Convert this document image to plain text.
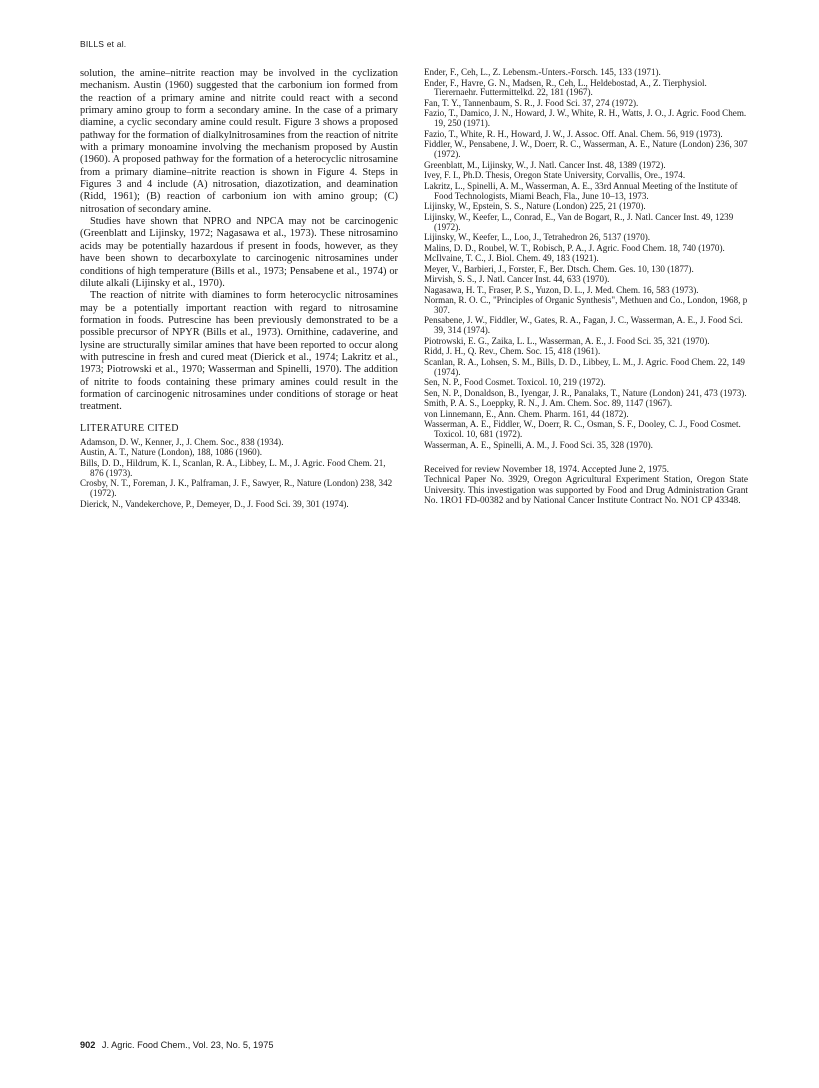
BILLS et al.

solution, the amine–nitrite reaction may be involved in the cyclization mechanism. Austin (1960) suggested that the carbonium ion formed from the reaction of a primary amine and nitrite could react with a second primary amino group to form a secondary amine. In the case of a primary diamine, a cyclic secondary amine could result. Figure 3 shows a proposed pathway for the formation of dialkylnitrosamines from the reaction of nitrite with a primary monoamine involving the mechanism proposed by Austin (1960). A proposed pathway for the formation of a heterocyclic nitrosamine from a primary diamine–nitrite reaction is shown in Figure 4. Steps in Figures 3 and 4 include (A) nitrosation, diazotization, and deamination (Ridd, 1961); (B) reaction of carbonium ion with amino group; (C) nitrosation of secondary amine.

Studies have shown that NPRO and NPCA may not be carcinogenic (Greenblatt and Lijinsky, 1972; Nagasawa et al., 1973). These nitrosamino acids may be potentially hazardous if present in foods, however, as they have been shown to decarboxylate to carcinogenic nitrosamines under conditions of high temperature (Bills et al., 1973; Pensabene et al., 1974) or dilute alkali (Lijinsky et al., 1970).

The reaction of nitrite with diamines to form heterocyclic nitrosamines may be a potentially important reaction with regard to nitrosamine formation in foods. Putrescine has been previously demonstrated to be a possible precursor of NPYR (Bills et al., 1973). Ornithine, cadaverine, and lysine are structurally similar amines that have been reported to occur along with putrescine in fresh and cured meat (Dierick et al., 1974; Lakritz et al., 1973; Piotrowski et al., 1970; Wasserman and Spinelli, 1970). The addition of nitrite to foods containing these primary amines could result in the formation of carcinogenic nitrosamines under conditions of storage or heat treatment.

LITERATURE CITED
Adamson, D. W., Kenner, J., J. Chem. Soc., 838 (1934).
Austin, A. T., Nature (London), 188, 1086 (1960).
Bills, D. D., Hildrum, K. I., Scanlan, R. A., Libbey, L. M., J. Agric. Food Chem. 21, 876 (1973).
Crosby, N. T., Foreman, J. K., Palframan, J. F., Sawyer, R., Nature (London) 238, 342 (1972).
Dierick, N., Vandekerchove, P., Demeyer, D., J. Food Sci. 39, 301 (1974).
Ender, F., Ceh, L., Z. Lebensm.-Unters.-Forsch. 145, 133 (1971).
Ender, F., Havre, G. N., Madsen, R., Ceh, L., Heldebostad, A., Z. Tierphysiol. Tierernaehr. Futtermittelkd. 22, 181 (1967).
Fan, T. Y., Tannenbaum, S. R., J. Food Sci. 37, 274 (1972).
Fazio, T., Damico, J. N., Howard, J. W., White, R. H., Watts, J. O., J. Agric. Food Chem. 19, 250 (1971).
Fazio, T., White, R. H., Howard, J. W., J. Assoc. Off. Anal. Chem. 56, 919 (1973).
Fiddler, W., Pensabene, J. W., Doerr, R. C., Wasserman, A. E., Nature (London) 236, 307 (1972).
Greenblatt, M., Lijinsky, W., J. Natl. Cancer Inst. 48, 1389 (1972).
Ivey, F. I., Ph.D. Thesis, Oregon State University, Corvallis, Ore., 1974.
Lakritz, L., Spinelli, A. M., Wasserman, A. E., 33rd Annual Meeting of the Institute of Food Technologists, Miami Beach, Fla., June 10–13, 1973.
Lijinsky, W., Epstein, S. S., Nature (London) 225, 21 (1970).
Lijinsky, W., Keefer, L., Conrad, E., Van de Bogart, R., J. Natl. Cancer Inst. 49, 1239 (1972).
Lijinsky, W., Keefer, L., Loo, J., Tetrahedron 26, 5137 (1970).
Malins, D. D., Roubel, W. T., Robisch, P. A., J. Agric. Food Chem. 18, 740 (1970).
McIlvaine, T. C., J. Biol. Chem. 49, 183 (1921).
Meyer, V., Barbieri, J., Forster, F., Ber. Dtsch. Chem. Ges. 10, 130 (1877).
Mirvish, S. S., J. Natl. Cancer Inst. 44, 633 (1970).
Nagasawa, H. T., Fraser, P. S., Yuzon, D. L., J. Med. Chem. 16, 583 (1973).
Norman, R. O. C., "Principles of Organic Synthesis", Methuen and Co., London, 1968, p 307.
Pensabene, J. W., Fiddler, W., Gates, R. A., Fagan, J. C., Wasserman, A. E., J. Food Sci. 39, 314 (1974).
Piotrowski, E. G., Zaika, L. L., Wasserman, A. E., J. Food Sci. 35, 321 (1970).
Ridd, J. H., Q. Rev., Chem. Soc. 15, 418 (1961).
Scanlan, R. A., Lohsen, S. M., Bills, D. D., Libbey, L. M., J. Agric. Food Chem. 22, 149 (1974).
Sen, N. P., Food Cosmet. Toxicol. 10, 219 (1972).
Sen, N. P., Donaldson, B., Iyengar, J. R., Panalaks, T., Nature (London) 241, 473 (1973).
Smith, P. A. S., Loeppky, R. N., J. Am. Chem. Soc. 89, 1147 (1967).
von Linnemann, E., Ann. Chem. Pharm. 161, 44 (1872).
Wasserman, A. E., Fiddler, W., Doerr, R. C., Osman, S. F., Dooley, C. J., Food Cosmet. Toxicol. 10, 681 (1972).
Wasserman, A. E., Spinelli, A. M., J. Food Sci. 35, 328 (1970).
Received for review November 18, 1974. Accepted June 2, 1975.
Technical Paper No. 3929, Oregon Agricultural Experiment Station, Oregon State University. This investigation was supported by Food and Drug Administration Grant No. 1RO1 FD-00382 and by National Cancer Institute Contract No. NO1 CP 43348.
902 J. Agric. Food Chem., Vol. 23, No. 5, 1975
